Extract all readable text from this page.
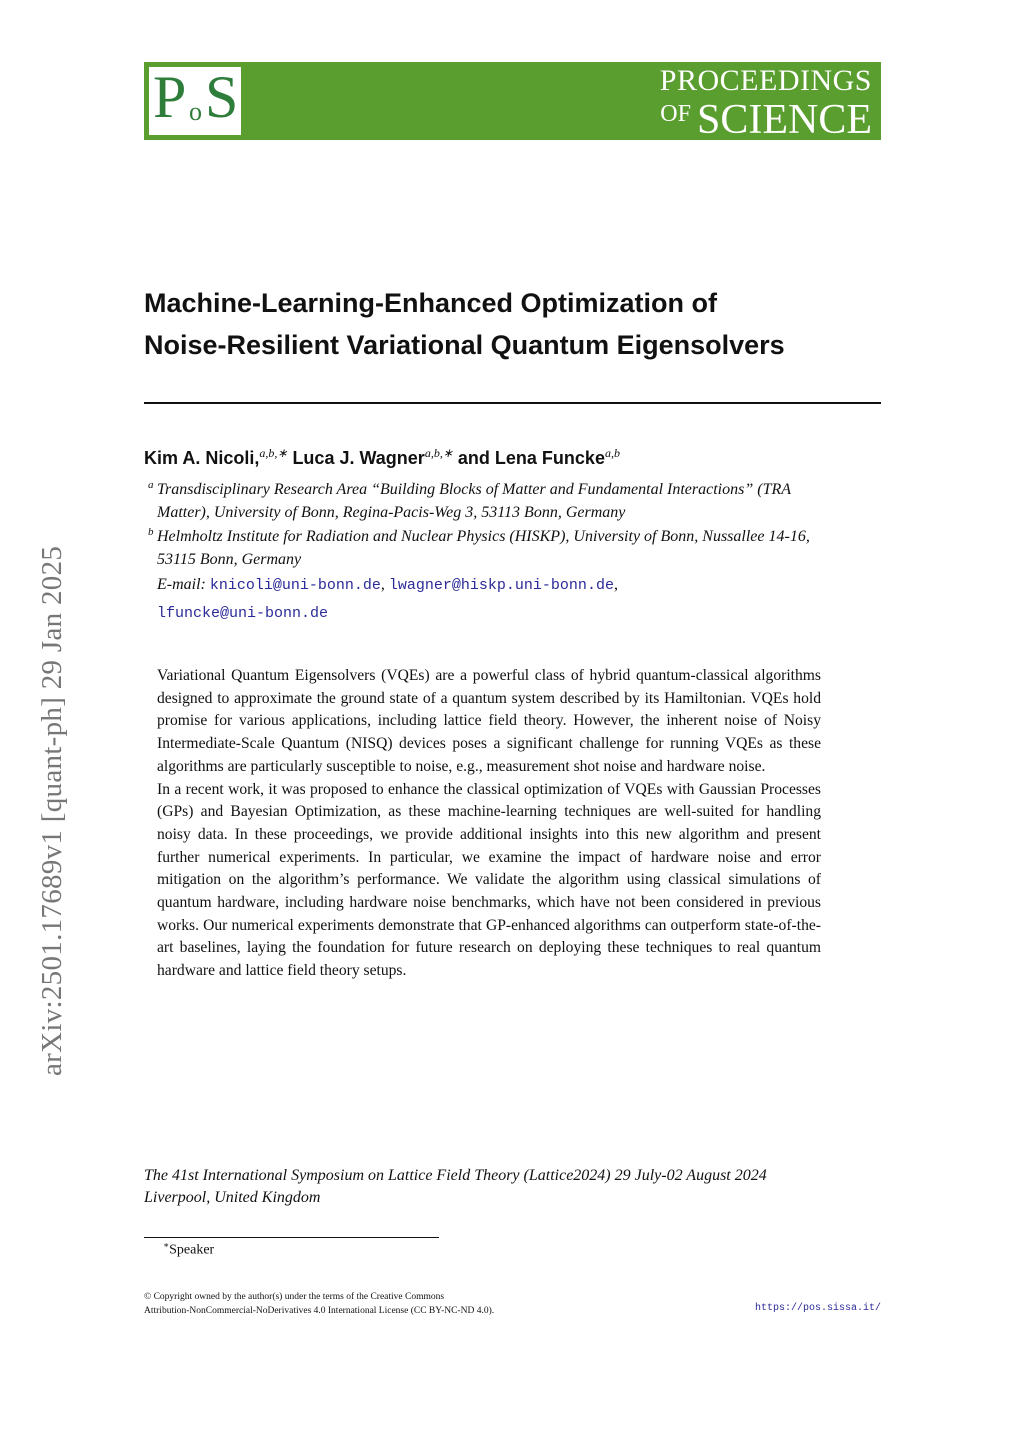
P o S	PROCEEDINGS
$^{OF}$ SCIENCE
arXiv:2501.17689v1 [quant-ph] 29 Jan 2025
Machine-Learning-Enhanced Optimization of
Noise-Resilient Variational Quantum Eigensolvers
Kim A. Nicoli,$^{a,b,∗}$ Luca J. Wagner$^{a,b,∗}$ and Lena Funcke$^{a,b}$
a Transdisciplinary Research Area “Building Blocks of Matter and Fundamental Interactions” (TRA
Matter), University of Bonn, Regina-Pacis-Weg 3, 53113 Bonn, Germany
b Helmholtz Institute for Radiation and Nuclear Physics (HISKP), University of Bonn, Nussallee 14-16,
53115 Bonn, Germany
E-mail: knicoli@uni-bonn.de, lwagner@hiskp.uni-bonn.de,
lfuncke@uni-bonn.de

Variational Quantum Eigensolvers (VQEs) are a powerful class of hybrid quantum-classical algorithms designed to approximate the ground state of a quantum system described by its Hamiltonian. VQEs hold promise for various applications, including lattice field theory. However, the inherent noise of Noisy Intermediate-Scale Quantum (NISQ) devices poses a significant challenge for running VQEs as these algorithms are particularly susceptible to noise, e.g., measurement shot noise and hardware noise.

In a recent work, it was proposed to enhance the classical optimization of VQEs with Gaussian Processes (GPs) and Bayesian Optimization, as these machine-learning techniques are well-suited for handling noisy data. In these proceedings, we provide additional insights into this new algorithm and present further numerical experiments. In particular, we examine the impact of hardware noise and error mitigation on the algorithm’s performance. We validate the algorithm using classical simulations of quantum hardware, including hardware noise benchmarks, which have not been considered in previous works. Our numerical experiments demonstrate that GP-enhanced algorithms can outperform state-of-the-art baselines, laying the foundation for future research on deploying these techniques to real quantum hardware and lattice field theory setups.

The 41st International Symposium on Lattice Field Theory (Lattice2024) 29 July-02 August 2024
Liverpool, United Kingdom
∗Speaker
© Copyright owned by the author(s) under the terms of the Creative Commons
Attribution-NonCommercial-NoDerivatives 4.0 International License (CC BY-NC-ND 4.0).	https://pos.sissa.it/
